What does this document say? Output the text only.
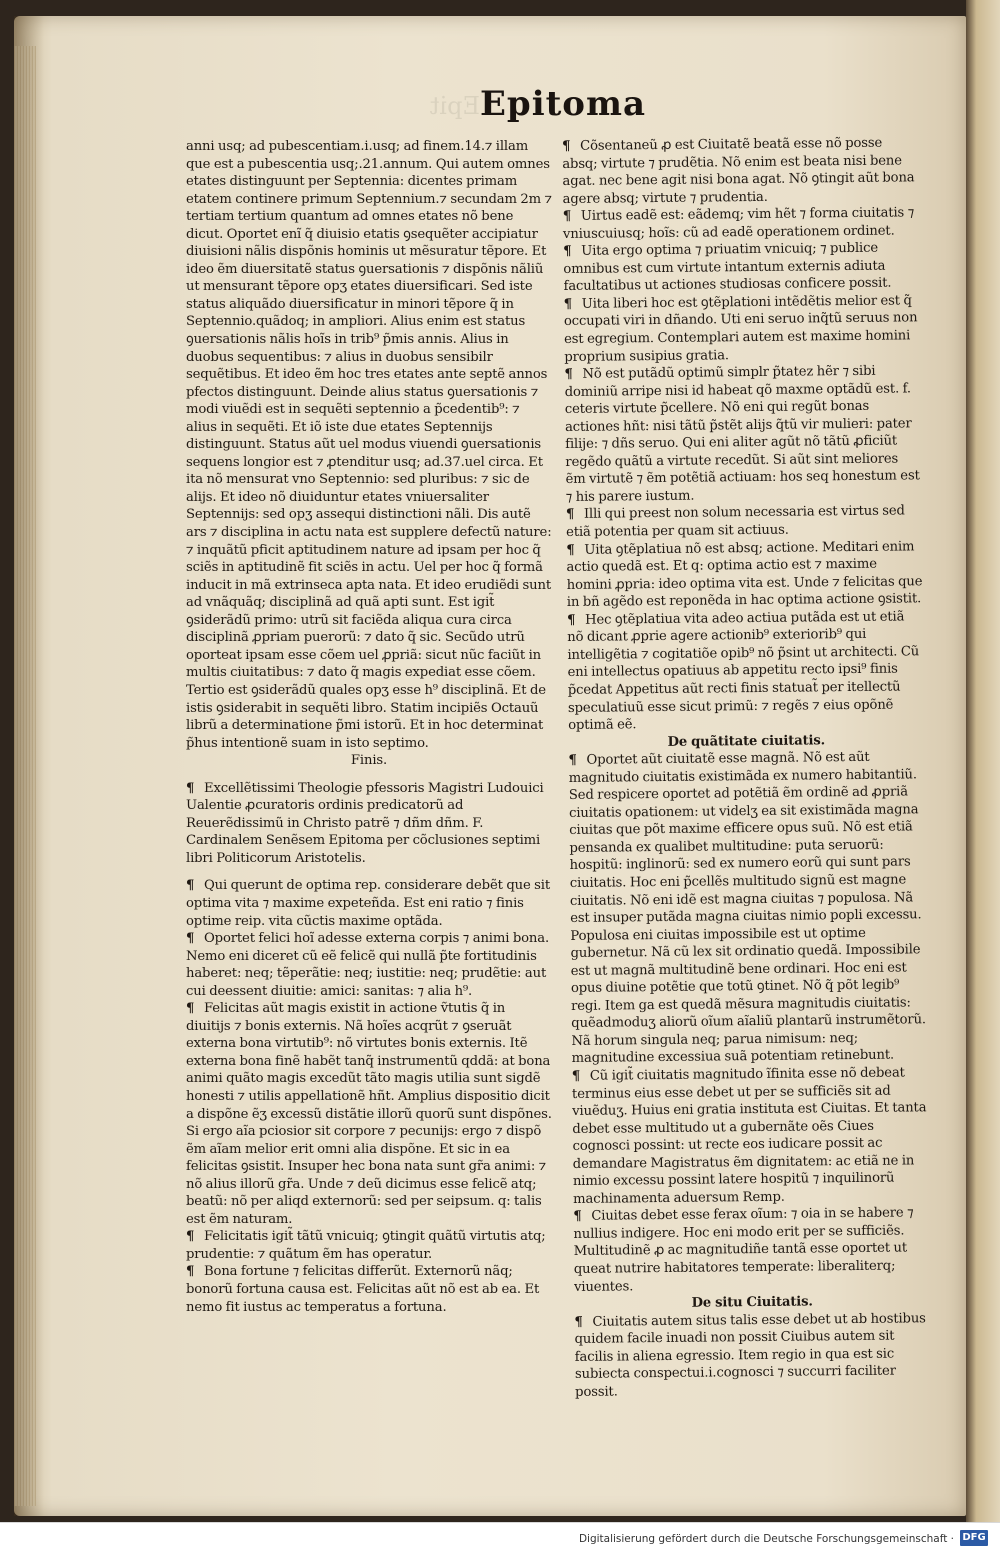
Epit Epitoma

anni usq; ad pubescentiam.i.usq; ad finem.14.⁊ illam que est a pubescentia usq;.21.annum. Qui autem omnes etates distinguunt per Septennia: dicentes primam etatem continere primum Septennium.⁊ secundam 2m ⁊ tertiam tertium quantum ad omnes etates nõ bene dicut. Oportet enĩ q̃ diuisio etatis ꝯsequẽter accipiatur diuisioni nãlis dispõnis hominis ut mẽsuratur tẽpore. Et ideo ẽm diuersitatẽ status ꝯuersationis ⁊ dispõnis nãliũ ut mensurant tẽpore opʒ etates diuersificari. Sed iste status aliquãdo diuersificatur in minori tẽpore q̃ in Septennio.quãdoq; in ampliori. Alius enim est status ꝯuersationis nãlis hoĩs in trib⁹ p̃mis annis. Alius in duobus sequentibus: ⁊ alius in duobus sensibilr sequẽtibus. Et ideo ẽm hoc tres etates ante septẽ annos pfectos distinguunt. Deinde alius status ꝯuersationis ⁊ modi viuẽdi est in sequẽti septennio a p̃cedentib⁹: ⁊ alius in sequẽti. Et iõ iste due etates Septennijs distinguunt. Status aũt uel modus viuendi ꝯuersationis sequens longior est ⁊ ꝓtenditur usq; ad.37.uel circa. Et ita nõ mensurat vno Septennio: sed pluribus: ⁊ sic de alijs. Et ideo nõ diuiduntur etates vniuersaliter Septennijs: sed opʒ assequi distinctioni nãli. Dis autẽ ars ⁊ disciplina in actu nata est supplere defectũ nature: ⁊ inquãtũ pficit aptitudinem nature ad ipsam per hoc q̃ sciẽs in aptitudinẽ fit sciẽs in actu. Uel per hoc q̃ formã inducit in mã extrinseca apta nata. Et ideo erudiẽdi sunt ad vnãquãq; disciplinã ad quã apti sunt. Est igit̃ ꝯsiderãdũ primo: utrũ sit faciẽda aliqua cura circa disciplinã ꝓpriam puerorũ: ⁊ dato q̃ sic. Secũdo utrũ oporteat ipsam esse cõem uel ꝓpriã: sicut nũc faciũt in multis ciuitatibus: ⁊ dato q̃ magis expediat esse cõem. Tertio est ꝯsiderãdũ quales opʒ esse h⁹ disciplinã. Et de istis ꝯsiderabit in sequẽti libro. Statim incipiẽs Octauũ librũ a determinatione p̃mi istorũ. Et in hoc determinat p̃hus intentionẽ suam in isto septimo.

Finis.

¶ Excellẽtissimi Theologie pfessoris Magistri Ludouici Ualentie ꝓcuratoris ordinis predicatorũ ad Reuerẽdissimũ in Christo patrẽ ⁊ dñm dñm. F. Cardinalem Senẽsem Epitoma per cõclusiones septimi libri Politicorum Aristotelis.

¶ Qui querunt de optima rep. considerare debẽt que sit optima vita ⁊ maxime expeteñda. Est eni ratio ⁊ finis optime reip. vita cũctis maxime optãda.

¶ Oportet felici hoĩ adesse externa corpis ⁊ animi bona. Nemo eni diceret cũ eẽ felicẽ qui nullã p̃te fortitudinis haberet: neq; tẽperãtie: neq; iustitie: neq; prudẽtie: aut cui deessent diuitie: amici: sanitas: ⁊ alia h⁹.

¶ Felicitas aũt magis existit in actione ṽtutis q̃ in diuitijs ⁊ bonis externis. Nã hoĩes acqrũt ⁊ ꝯseruãt externa bona virtutib⁹: nõ virtutes bonis externis. Itẽ externa bona finẽ habẽt tanq̃ instrumentũ qddã: at bona animi quãto magis excedũt tãto magis utilia sunt sigdẽ honesti ⁊ utilis appellationẽ hñt. Amplius dispositio dicit a dispõne ẽʒ excessũ distãtie illorũ quorũ sunt dispõnes. Si ergo aĩa pciosior sit corpore ⁊ pecunijs: ergo ⁊ dispõ ẽm aĩam melior erit omni alia dispõne. Et sic in ea felicitas ꝯsistit. Insuper hec bona nata sunt gr̃a animi: ⁊ nõ alius illorũ gr̃a. Unde ⁊ deũ dicimus esse felicẽ atq; beatũ: nõ per aliqd externorũ: sed per seipsum. q: talis est ẽm naturam.

¶ Felicitatis igit̃ tãtũ vnicuiq; ꝯtingit quãtũ virtutis atq; prudentie: ⁊ quãtum ẽm has operatur.

¶ Bona fortune ⁊ felicitas differũt. Externorũ nãq; bonorũ fortuna causa est. Felicitas aũt nõ est ab ea. Et nemo fit iustus ac temperatus a fortuna.

¶ Cõsentaneũ ꝓ est Ciuitatẽ beatã esse nõ posse absq; virtute ⁊ prudẽtia. Nõ enim est beata nisi bene agat. nec bene agit nisi bona agat. Nõ ꝯtingit aũt bona agere absq; virtute ⁊ prudentia.

¶ Uirtus eadẽ est: eãdemq; vim hẽt ⁊ forma ciuitatis ⁊ vniuscuiusq; hoĩs: cũ ad eadẽ operationem ordinet.

¶ Uita ergo optima ⁊ priuatim vnicuiq; ⁊ publice omnibus est cum virtute intantum externis adiuta facultatibus ut actiones studiosas conficere possit.

¶ Uita liberi hoc est ꝯtẽplationi intẽdẽtis melior est q̃ occupati viri in dñando. Uti eni seruo inq̃tũ seruus non est egregium. Contemplari autem est maxime homini proprium susipius gratia.

¶ Nõ est putãdũ optimũ simplr p̃tatez hẽr ⁊ sibi dominiũ arripe nisi id habeat qõ maxme optãdũ est. f. ceteris virtute p̃cellere. Nõ eni qui regũt bonas actiones hñt: nisi tãtũ p̃stẽt alijs q̃tũ vir mulieri: pater filije: ⁊ dñs seruo. Qui eni aliter agũt nõ tãtũ ꝓficiũt regẽdo quãtũ a virtute recedũt. Si aũt sint meliores ẽm virtutẽ ⁊ ẽm potẽtiã actiuam: hos seq honestum est ⁊ his parere iustum.

¶ Illi qui preest non solum necessaria est virtus sed etiã potentia per quam sit actiuus.

¶ Uita ꝯtẽplatiua nõ est absq; actione. Meditari enim actio quedã est. Et q: optima actio est ⁊ maxime homini ꝓpria: ideo optima vita est. Unde ⁊ felicitas que in bñ agẽdo est reponẽda in hac optima actione ꝯsistit.

¶ Hec ꝯtẽplatiua vita adeo actiua putãda est ut etiã nõ dicant ꝓprie agere actionib⁹ exteriorib⁹ qui intelligẽtia ⁊ cogitatiõe opib⁹ nõ p̃sint ut architecti. Cũ eni intellectus opatiuus ab appetitu recto ipsi⁹ finis p̃cedat Appetitus aũt recti finis statuat̃ per itellectũ speculatiuũ esse sicut primũ: ⁊ regẽs ⁊ eius opõnẽ optimã eẽ.

De quãtitate ciuitatis.

¶ Oportet aũt ciuitatẽ esse magnã. Nõ est aũt magnitudo ciuitatis existimãda ex numero habitantiũ. Sed respicere oportet ad potẽtiã ẽm ordinẽ ad ꝓpriã ciuitatis opationem: ut videlʒ ea sit existimãda magna ciuitas que põt maxime efficere opus suũ. Nõ est etiã pensanda ex qualibet multitudine: puta seruorũ: hospitũ: inglinorũ: sed ex numero eorũ qui sunt pars ciuitatis. Hoc eni p̃cellẽs multitudo signũ est magne ciuitatis. Nõ eni idẽ est magna ciuitas ⁊ populosa. Nã est insuper putãda magna ciuitas nimio popli excessu. Populosa eni ciuitas impossibile est ut optime gubernetur. Nã cũ lex sit ordinatio quedã. Impossibile est ut magnã multitudinẽ bene ordinari. Hoc eni est opus diuine potẽtie que totũ ꝯtinet. Nõ q̃ põt legib⁹ regi. Item ga est quedã mẽsura magnitudis ciuitatis: quẽadmoduʒ aliorũ oĩum aĩaliũ plantarũ instrumẽtorũ. Nã horum singula neq; parua nimisum: neq; magnitudine excessiua suã potentiam retinebunt.

¶ Cũ igit̃ ciuitatis magnitudo ĩfinita esse nõ debeat terminus eius esse debet ut per se sufficiẽs sit ad viuẽduʒ. Huius eni gratia instituta est Ciuitas. Et tanta debet esse multitudo ut a gubernãte oẽs Ciues cognosci possint: ut recte eos iudicare possit ac demandare Magistratus ẽm dignitatem: ac etiã ne in nimio excessu possint latere hospitũ ⁊ inquilinorũ machinamenta aduersum Remp.

¶ Ciuitas debet esse ferax oĩum: ⁊ oia in se habere ⁊ nullius indigere. Hoc eni modo erit per se sufficiẽs. Multitudinẽ ꝓ ac magnitudiñe tantã esse oportet ut queat nutrire habitatores temperate: liberaliterq; viuentes.

De situ Ciuitatis.

¶ Ciuitatis autem situs talis esse debet ut ab hostibus quidem facile inuadi non possit Ciuibus autem sit facilis in aliena egressio. Item regio in qua est sic subiecta conspectui.i.cognosci ⁊ succurri faciliter possit.

Digitalisierung gefördert durch die Deutsche Forschungsgemeinschaft · DFG
